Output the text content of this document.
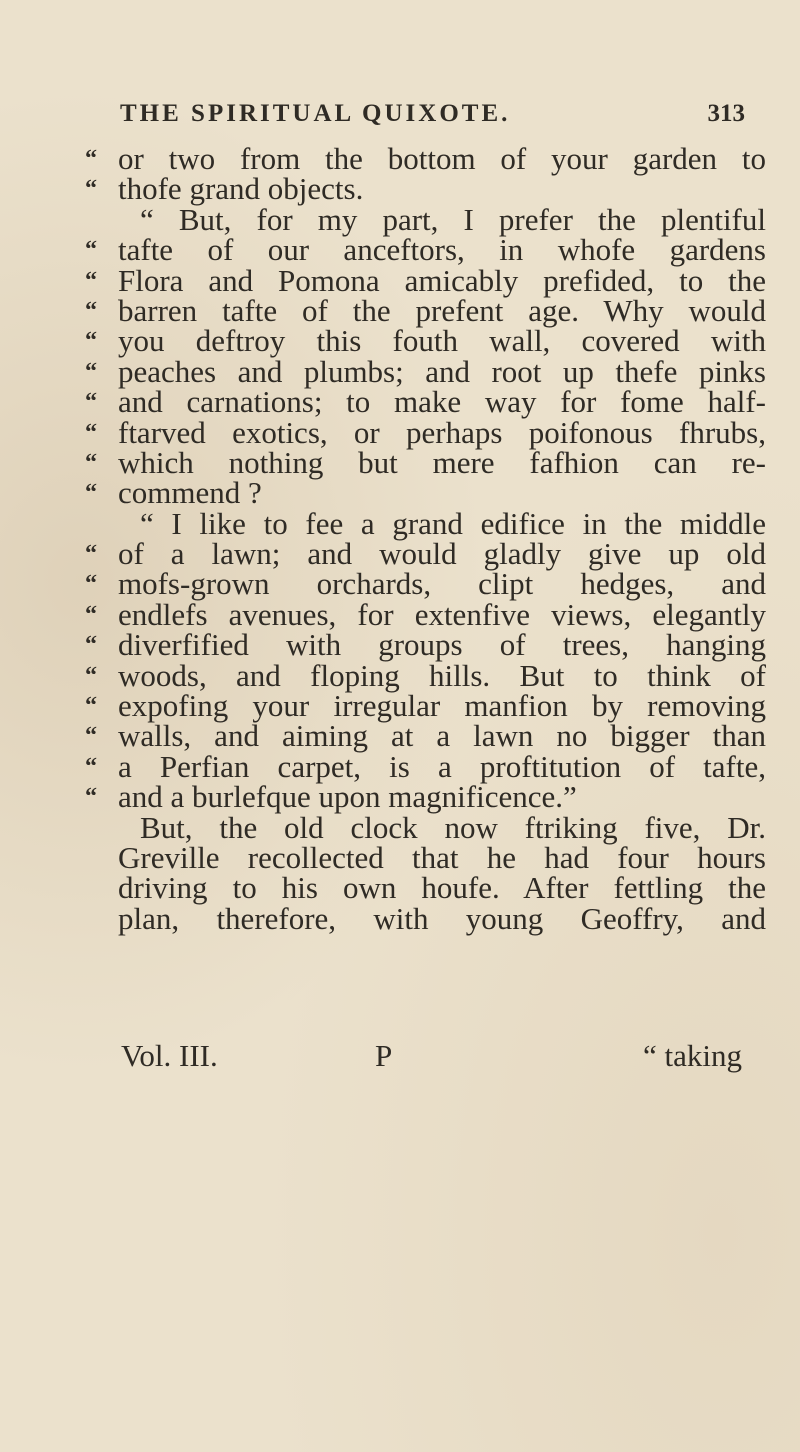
THE SPIRITUAL QUIXOTE.	313
“ or two from the bottom of your garden to
“ thofe grand objects.
“ But, for my part, I prefer the plentiful
“ tafte of our anceftors, in whofe gardens
“ Flora and Pomona amicably prefided, to the
“ barren tafte of the prefent age. Why would
“ you deftroy this fouth wall, covered with
“ peaches and plumbs; and root up thefe pinks
“ and carnations; to make way for fome half-
“ ftarved exotics, or perhaps poifonous fhrubs,
“ which nothing but mere fafhion can re-
“ commend ?
“ I like to fee a grand edifice in the middle
“ of a lawn; and would gladly give up old
“ mofs-grown orchards, clipt hedges, and
“ endlefs avenues, for extenfive views, elegantly
“ diverfified with groups of trees, hanging
“ woods, and floping hills. But to think of
“ expofing your irregular manfion by removing
“ walls, and aiming at a lawn no bigger than
“ a Perfian carpet, is a proftitution of tafte,
“ and a burlefque upon magnificence.”
But, the old clock now ftriking five, Dr.
Greville recollected that he had four hours
driving to his own houfe. After fettling the
plan, therefore, with young Geoffry, and
Vol. III.	P	“ taking
